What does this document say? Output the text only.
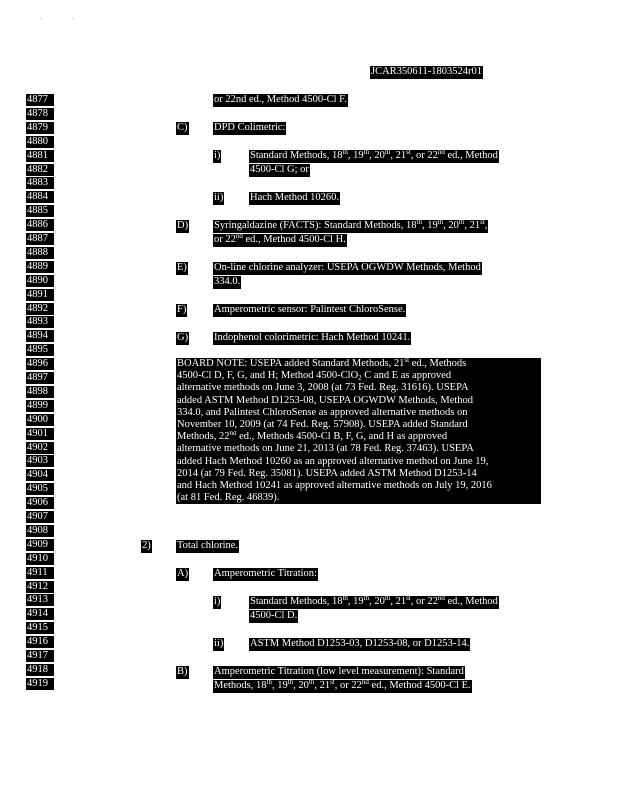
'	'
JCAR350611-1803524r01
4877
4878
4879
4880
4881
4882
4883
4884
4885
4886
4887
4888
4889
4890
4891
4892
4893
4894
4895
4896
4897
4898
4899
4900
4901
4902
4903
4904
4905
4906
4907
4908
4909
4910
4911
4912
4913
4914
4915
4916
4917
4918
4919
or 22nd ed., Method 4500-Cl F.
C)	DPD Colimetric:
i)	Standard Methods, 18th, 19th, 20th, 21st, or 22nd ed., Method
4500-Cl G; or
ii)	Hach Method 10260.
D) Syringaldazine (FACTS): Standard Methods, 18th, 19th, 20th, 21st,
or 22nd ed., Method 4500-Cl H.
E)	On-line chlorine analyzer: USEPA OGWDW Methods, Method
334.0.
F)	Amperometric sensor: Palintest ChloroSense.
G) Indophenol colorimetric: Hach Method 10241.
BOARD NOTE: USEPA added Standard Methods, 21st ed., Methods
4500-Cl D, F, G, and H; Method 4500-ClO$_2$ C and E as approved
alternative methods on June 3, 2008 (at 73 Fed. Reg. 31616). USEPA
added ASTM Method D1253-08, USEPA OGWDW Methods, Method
334.0, and Palintest ChloroSense as approved alternative methods on
November 10, 2009 (at 74 Fed. Reg. 57908). USEPA added Standard
Methods, 22nd ed., Methods 4500-Cl B, F, G, and H as approved
alternative methods on June 21, 2013 (at 78 Fed. Reg. 37463). USEPA
added Hach Method 10260 as an approved alternative method on June 19,
2014 (at 79 Fed. Reg. 35081). USEPA added ASTM Method D1253-14
and Hach Method 10241 as approved alternative methods on July 19, 2016
(at 81 Fed. Reg. 46839).
2)	Total chlorine.
A) Amperometric Titration:
i)	Standard Methods, 18th, 19th, 20th, 21st, or 22nd ed., Method
4500-Cl D.
ii)	ASTM Method D1253-03, D1253-08, or D1253-14.
B)	Amperometric Titration (low level measurement): Standard
Methods, 18th, 19th, 20th, 21st, or 22nd ed., Method 4500-Cl E.
